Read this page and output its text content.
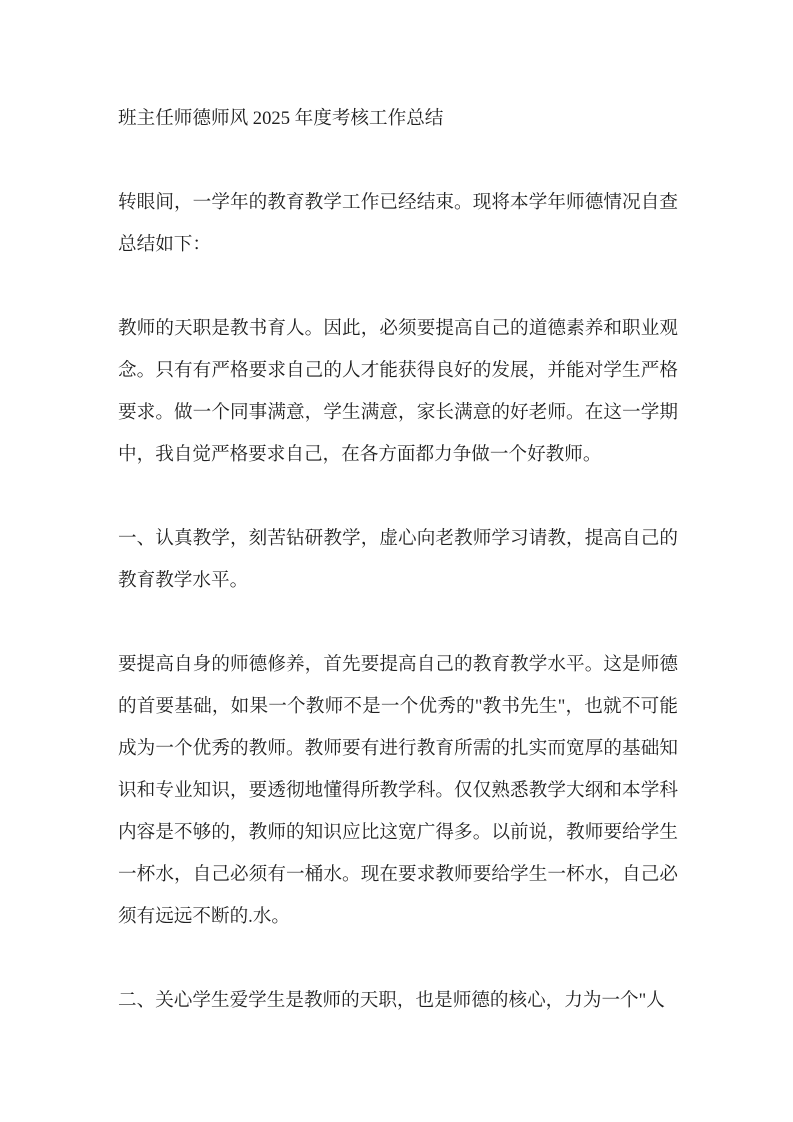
班主任师德师风 2025 年度考核工作总结

转眼间，一学年的教育教学工作已经结束。现将本学年师德情况自查总结如下：

教师的天职是教书育人。因此，必须要提高自己的道德素养和职业观念。只有有严格要求自己的人才能获得良好的发展，并能对学生严格要求。做一个同事满意，学生满意，家长满意的好老师。在这一学期中，我自觉严格要求自己，在各方面都力争做一个好教师。

一、认真教学，刻苦钻研教学，虚心向老教师学习请教，提高自己的教育教学水平。

要提高自身的师德修养，首先要提高自己的教育教学水平。这是师德的首要基础，如果一个教师不是一个优秀的"教书先生"，也就不可能成为一个优秀的教师。教师要有进行教育所需的扎实而宽厚的基础知识和专业知识，要透彻地懂得所教学科。仅仅熟悉教学大纲和本学科内容是不够的，教师的知识应比这宽广得多。以前说，教师要给学生一杯水，自己必须有一桶水。现在要求教师要给学生一杯水，自己必须有远远不断的.水。

二、关心学生爱学生是教师的天职，也是师德的核心，力为一个"人
